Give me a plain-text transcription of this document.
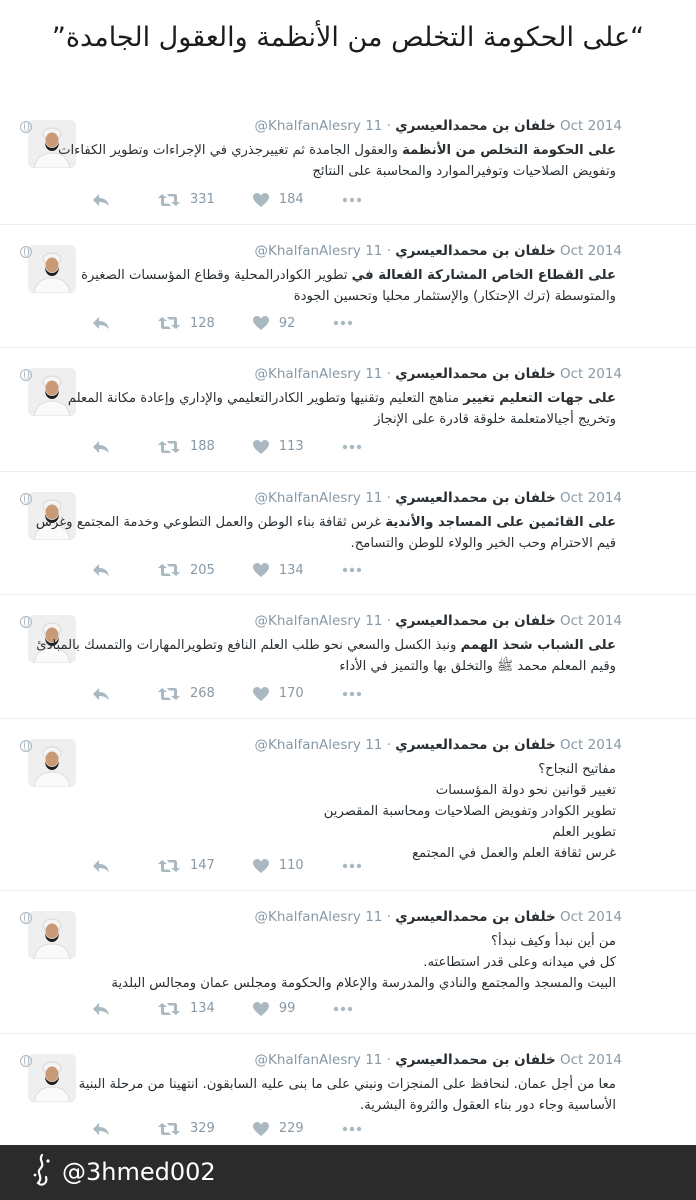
“على الحكومة التخلص من الأنظمة والعقول الجامدة”
@KhalfanAlesry	خلفان بن محمدالعيسري · 11 Oct 2014
على الحكومة التخلص من الأنظمة والعقول الجامدة ثم تغييرجذري في الإجراءات وتطوير الكفاءات وتفويض الصلاحيات وتوفيرالموارد والمحاسبة على النتائج
331	184
@KhalfanAlesry	خلفان بن محمدالعيسري · 11 Oct 2014
على القطاع الخاص المشاركة الفعالة في تطوير الكوادرالمحلية وقطاع المؤسسات الصغيرة والمتوسطة (ترك الإحتكار) والإستثمار محليا وتحسين الجودة
128	92
@KhalfanAlesry	خلفان بن محمدالعيسري · 11 Oct 2014
على جهات التعليم تغيير مناهج التعليم وتقنيها وتطوير الكادرالتعليمي والإداري وإعادة مكانة المعلم وتخريج أجيالامتعلمة خلوقة قادرة على الإنجاز
188	113
@KhalfanAlesry	خلفان بن محمدالعيسري · 11 Oct 2014
على القائمين على المساجد والأندية غرس ثقافة بناء الوطن والعمل التطوعي وخدمة المجتمع وغرس قيم الاحترام وحب الخير والولاء للوطن والتسامح.
205	134
@KhalfanAlesry	خلفان بن محمدالعيسري · 11 Oct 2014
على الشباب شحذ الهمم ونبذ الكسل والسعي نحو طلب العلم النافع وتطويرالمهارات والتمسك بالمبادئ وقيم المعلم محمد ﷺ والتخلق بها والتميز في الأداء
268	170
@KhalfanAlesry	خلفان بن محمدالعيسري · 11 Oct 2014
مفاتيح النجاح؟
تغيير قوانين نحو دولة المؤسسات
تطوير الكوادر وتفويض الصلاحيات ومحاسبة المقصرين
تطوير العلم
غرس ثقافة العلم والعمل في المجتمع
147	110
@KhalfanAlesry	خلفان بن محمدالعيسري · 11 Oct 2014
من أين نبدأ وكيف نبدأ؟
كل في ميدانه وعلى قدر استطاعته.
البيت والمسجد والمجتمع والنادي والمدرسة والإعلام والحكومة ومجلس عمان ومجالس البلدية
134	99
@KhalfanAlesry	خلفان بن محمدالعيسري · 11 Oct 2014
معا من أجل عمان. لنحافظ على المنجزات ونبني على ما بنى عليه السابقون. انتهينا من مرحلة البنية الأساسية وجاء دور بناء العقول والثروة البشرية.
329	229
@3hmed002
